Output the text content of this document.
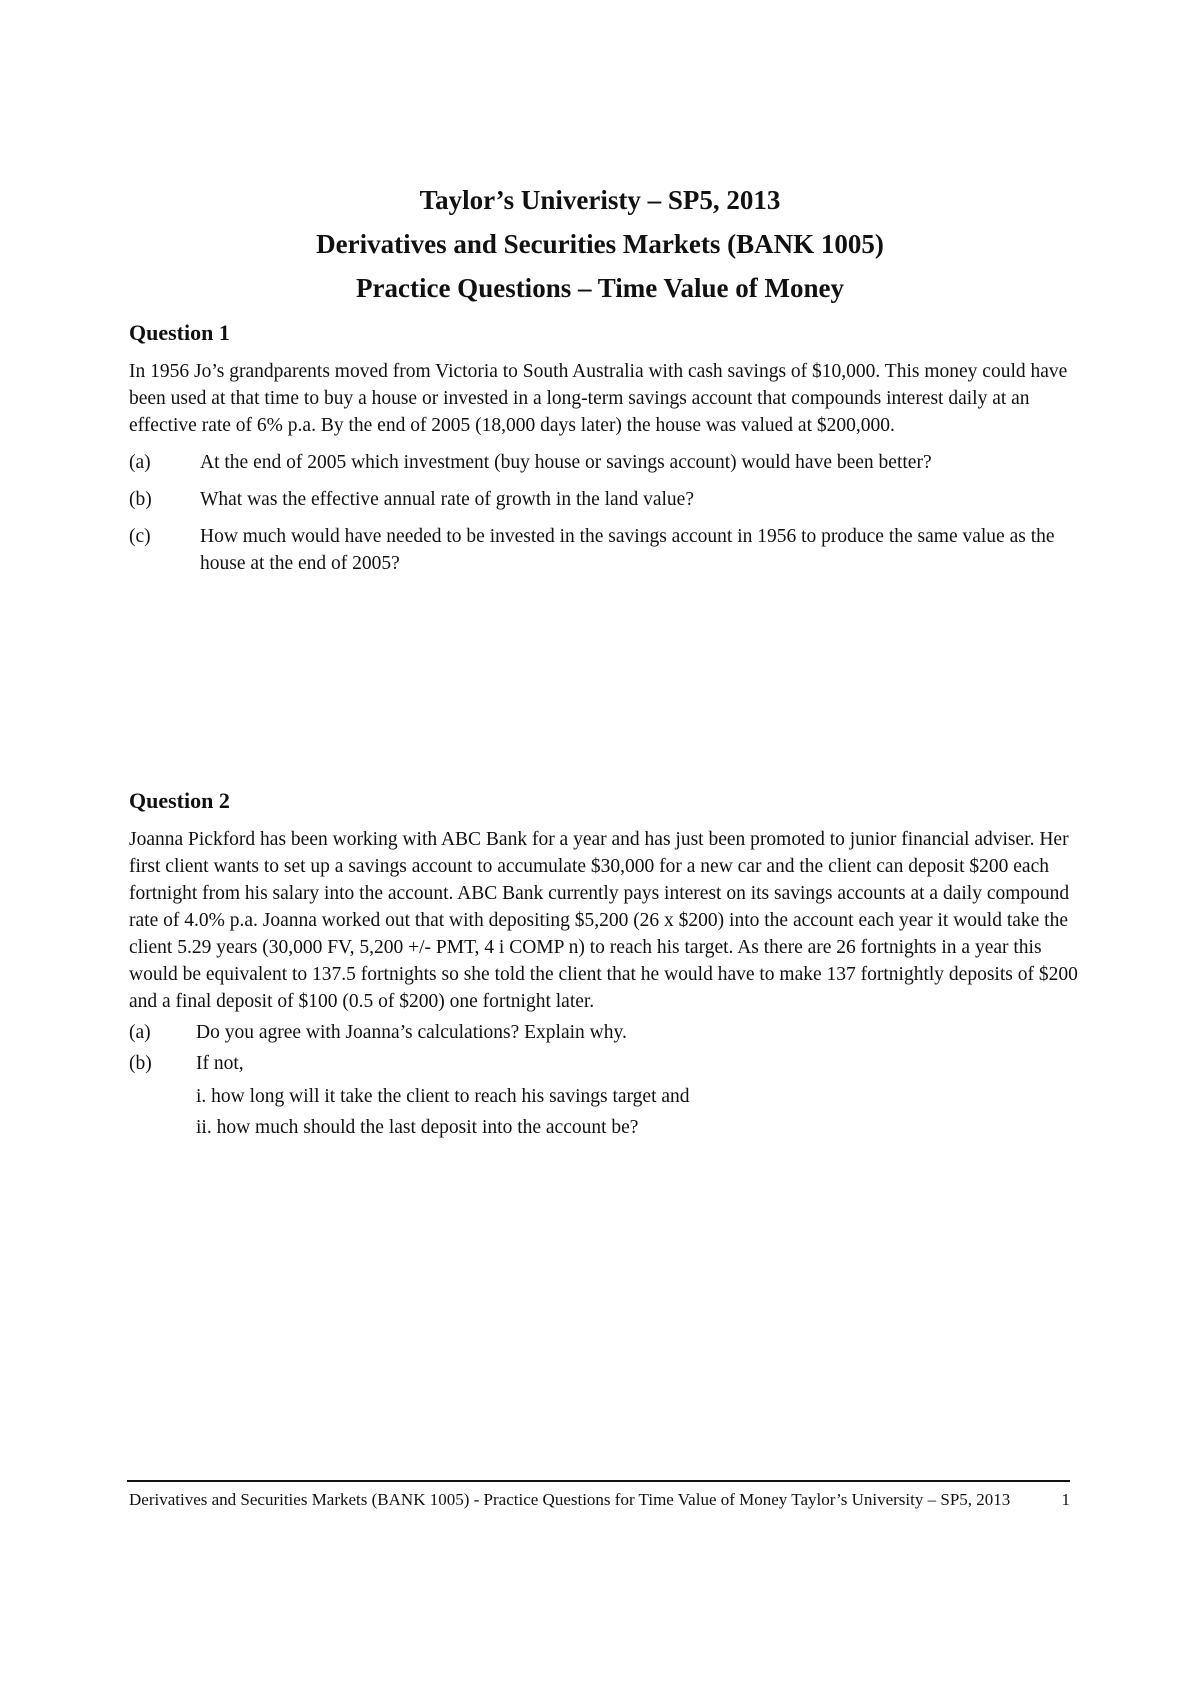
Taylor’s Univeristy – SP5, 2013

Derivatives and Securities Markets (BANK 1005)

Practice Questions – Time Value of Money

Question 1

In 1956 Jo’s grandparents moved from Victoria to South Australia with cash savings of $10,000. This money could have been used at that time to buy a house or invested in a long-term savings account that compounds interest daily at an effective rate of 6% p.a. By the end of 2005 (18,000 days later) the house was valued at $200,000.

(a)	At the end of 2005 which investment (buy house or savings account) would have been better?
(b)	What was the effective annual rate of growth in the land value?
(c)	How much would have needed to be invested in the savings account in 1956 to produce the same value as the house at the end of 2005?

Question 2

Joanna Pickford has been working with ABC Bank for a year and has just been promoted to junior financial adviser. Her first client wants to set up a savings account to accumulate $30,000 for a new car and the client can deposit $200 each fortnight from his salary into the account. ABC Bank currently pays interest on its savings accounts at a daily compound rate of 4.0% p.a. Joanna worked out that with depositing $5,200 (26 x $200) into the account each year it would take the client 5.29 years (30,000 FV, 5,200 +/- PMT, 4 i COMP n) to reach his target. As there are 26 fortnights in a year this would be equivalent to 137.5 fortnights so she told the client that he would have to make 137 fortnightly deposits of $200 and a final deposit of $100 (0.5 of $200) one fortnight later.

(a)	Do you agree with Joanna’s calculations? Explain why.
(b)	If not,
i. how long will it take the client to reach his savings target and
ii. how much should the last deposit into the account be?
Derivatives and Securities Markets (BANK 1005) - Practice Questions for Time Value of Money Taylor’s University – SP5, 2013	1
